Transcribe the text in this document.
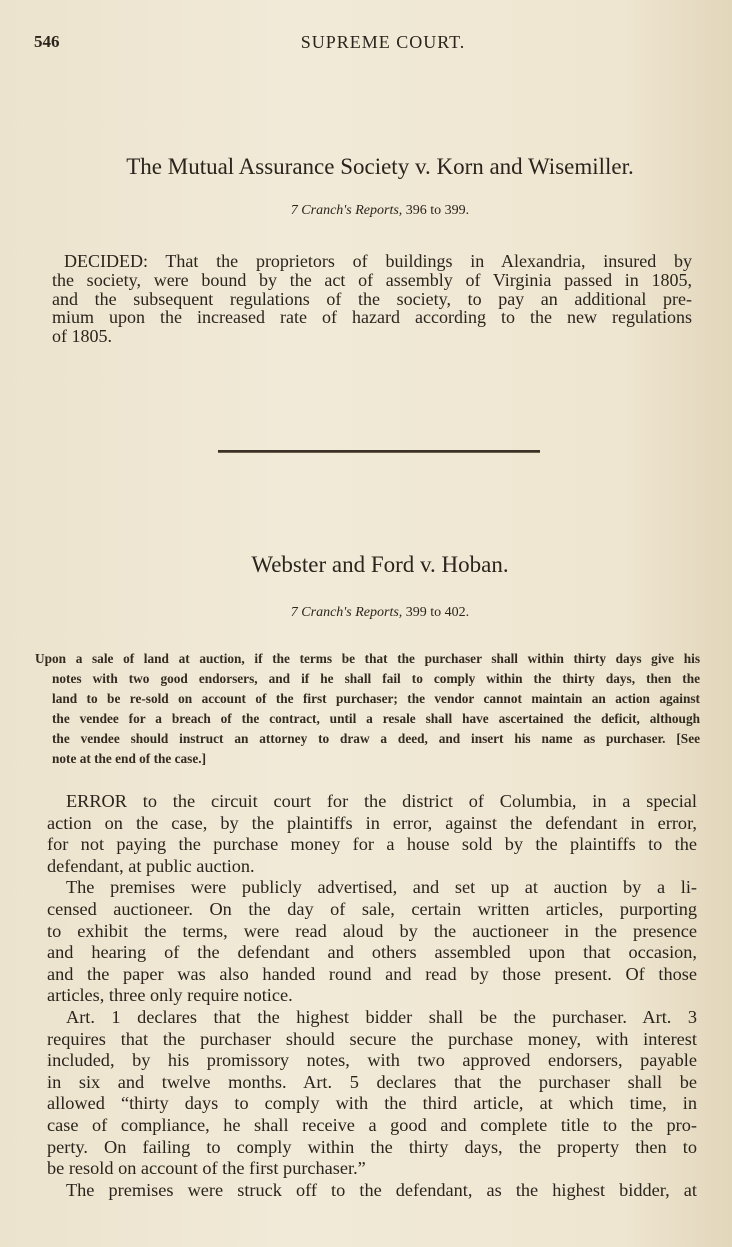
546	SUPREME COURT.
The Mutual Assurance Society v. Korn and Wisemiller.
7 Cranch's Reports, 396 to 399.
DECIDED: That the proprietors of buildings in Alexandria, insured by
the society, were bound by the act of assembly of Virginia passed in 1805,
and the subsequent regulations of the society, to pay an additional pre-
mium upon the increased rate of hazard according to the new regulations
of 1805.
Webster and Ford v. Hoban.
7 Cranch's Reports, 399 to 402.
Upon a sale of land at auction, if the terms be that the purchaser shall within thirty days give his
notes with two good endorsers, and if he shall fail to comply within the thirty days, then the
land to be re-sold on account of the first purchaser; the vendor cannot maintain an action against
the vendee for a breach of the contract, until a resale shall have ascertained the deficit, although
the vendee should instruct an attorney to draw a deed, and insert his name as purchaser. [See
note at the end of the case.]
ERROR to the circuit court for the district of Columbia, in a special
action on the case, by the plaintiffs in error, against the defendant in error,
for not paying the purchase money for a house sold by the plaintiffs to the
defendant, at public auction.
The premises were publicly advertised, and set up at auction by a li-
censed auctioneer. On the day of sale, certain written articles, purporting
to exhibit the terms, were read aloud by the auctioneer in the presence
and hearing of the defendant and others assembled upon that occasion,
and the paper was also handed round and read by those present. Of those
articles, three only require notice.
Art. 1 declares that the highest bidder shall be the purchaser. Art. 3
requires that the purchaser should secure the purchase money, with interest
included, by his promissory notes, with two approved endorsers, payable
in six and twelve months. Art. 5 declares that the purchaser shall be
allowed “thirty days to comply with the third article, at which time, in
case of compliance, he shall receive a good and complete title to the pro-
perty. On failing to comply within the thirty days, the property then to
be resold on account of the first purchaser.”
The premises were struck off to the defendant, as the highest bidder, at
